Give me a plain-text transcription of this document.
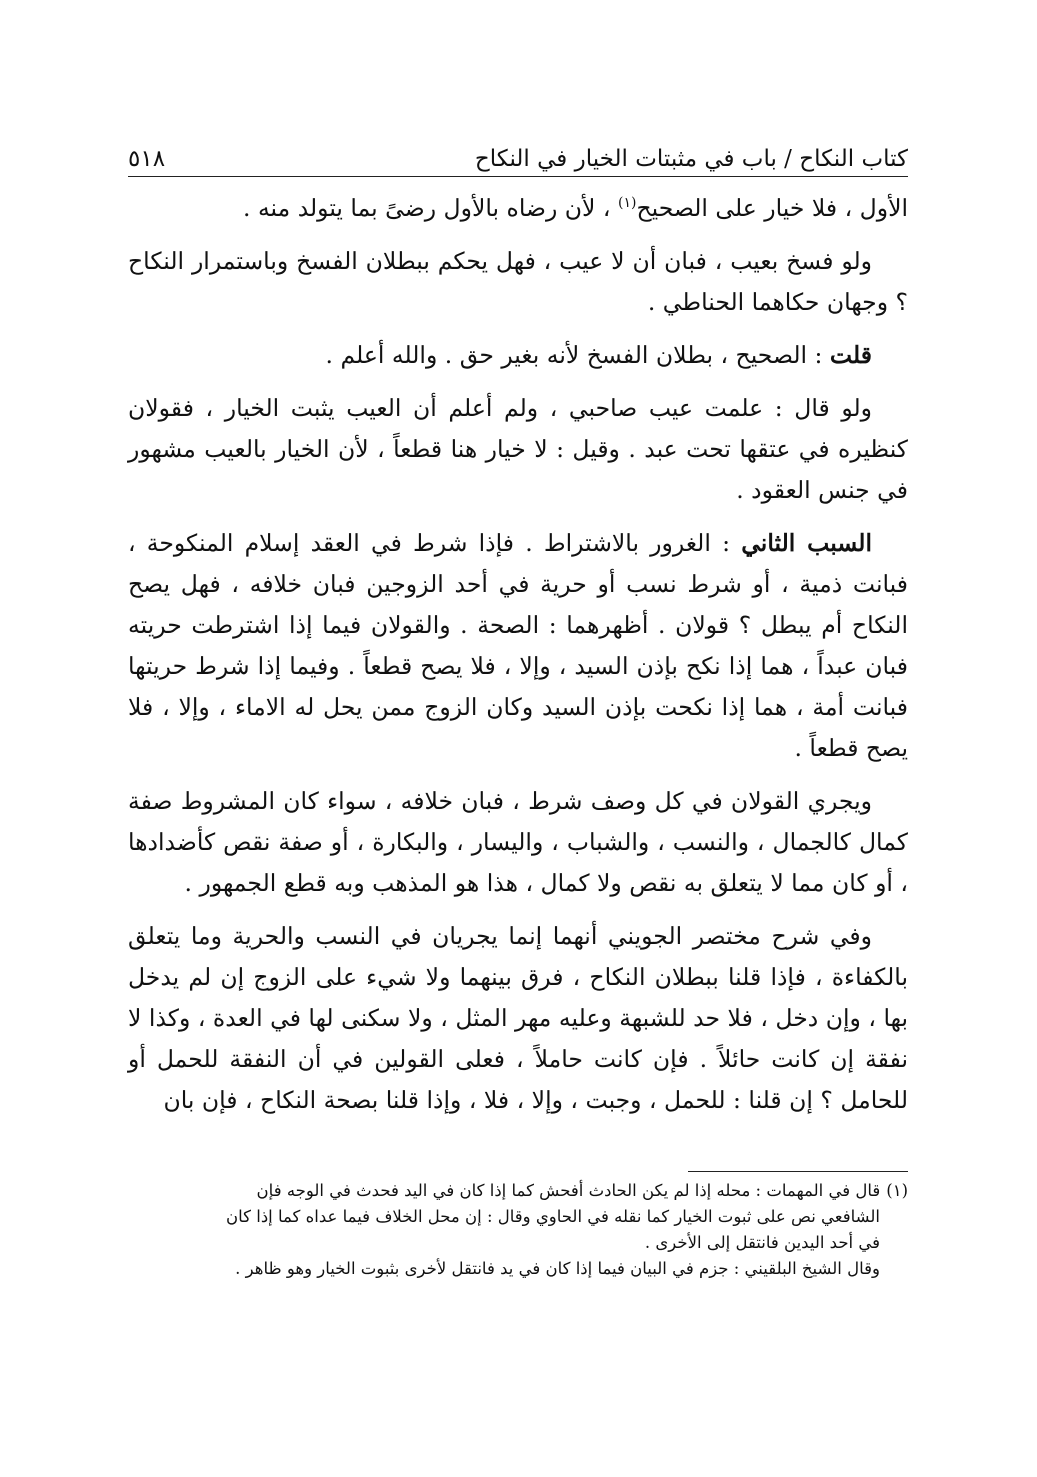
كتاب النكاح / باب في مثبتات الخيار في النكاح
٥١٨

الأول ، فلا خيار على الصحيح$^{(١)}$ ، لأن رضاه بالأول رضىً بما يتولد منه .

ولو فسخ بعيب ، فبان أن لا عيب ، فهل يحكم ببطلان الفسخ وباستمرار النكاح ؟ وجهان حكاهما الحناطي .

قلت : الصحيح ، بطلان الفسخ لأنه بغير حق . والله أعلم .

ولو قال : علمت عيب صاحبي ، ولم أعلم أن العيب يثبت الخيار ، فقولان كنظيره في عتقها تحت عبد . وقيل : لا خيار هنا قطعاً ، لأن الخيار بالعيب مشهور في جنس العقود .

السبب الثاني : الغرور بالاشتراط . فإذا شرط في العقد إسلام المنكوحة ، فبانت ذمية ، أو شرط نسب أو حرية في أحد الزوجين فبان خلافه ، فهل يصح النكاح أم يبطل ؟ قولان . أظهرهما : الصحة . والقولان فيما إذا اشترطت حريته فبان عبداً ، هما إذا نكح بإذن السيد ، وإلا ، فلا يصح قطعاً . وفيما إذا شرط حريتها فبانت أمة ، هما إذا نكحت بإذن السيد وكان الزوج ممن يحل له الاماء ، وإلا ، فلا يصح قطعاً .

ويجري القولان في كل وصف شرط ، فبان خلافه ، سواء كان المشروط صفة كمال كالجمال ، والنسب ، والشباب ، واليسار ، والبكارة ، أو صفة نقص كأضدادها ، أو كان مما لا يتعلق به نقص ولا كمال ، هذا هو المذهب وبه قطع الجمهور .

وفي شرح مختصر الجويني أنهما إنما يجريان في النسب والحرية وما يتعلق بالكفاءة ، فإذا قلنا ببطلان النكاح ، فرق بينهما ولا شيء على الزوج إن لم يدخل بها ، وإن دخل ، فلا حد للشبهة وعليه مهر المثل ، ولا سكنى لها في العدة ، وكذا لا نفقة إن كانت حائلاً . فإن كانت حاملاً ، فعلى القولين في أن النفقة للحمل أو للحامل ؟ إن قلنا : للحمل ، وجبت ، وإلا ، فلا ، وإذا قلنا بصحة النكاح ، فإن بان

(١)قال في المهمات : محله إذا لم يكن الحادث أفحش كما إذا كان في اليد فحدث في الوجه فإن

الشافعي نص على ثبوت الخيار كما نقله في الحاوي وقال : إن محل الخلاف فيما عداه كما إذا كان

في أحد اليدين فانتقل إلى الأخرى .

وقال الشيخ البلقيني : جزم في البيان فيما إذا كان في يد فانتقل لأخرى بثبوت الخيار وهو ظاهر .
